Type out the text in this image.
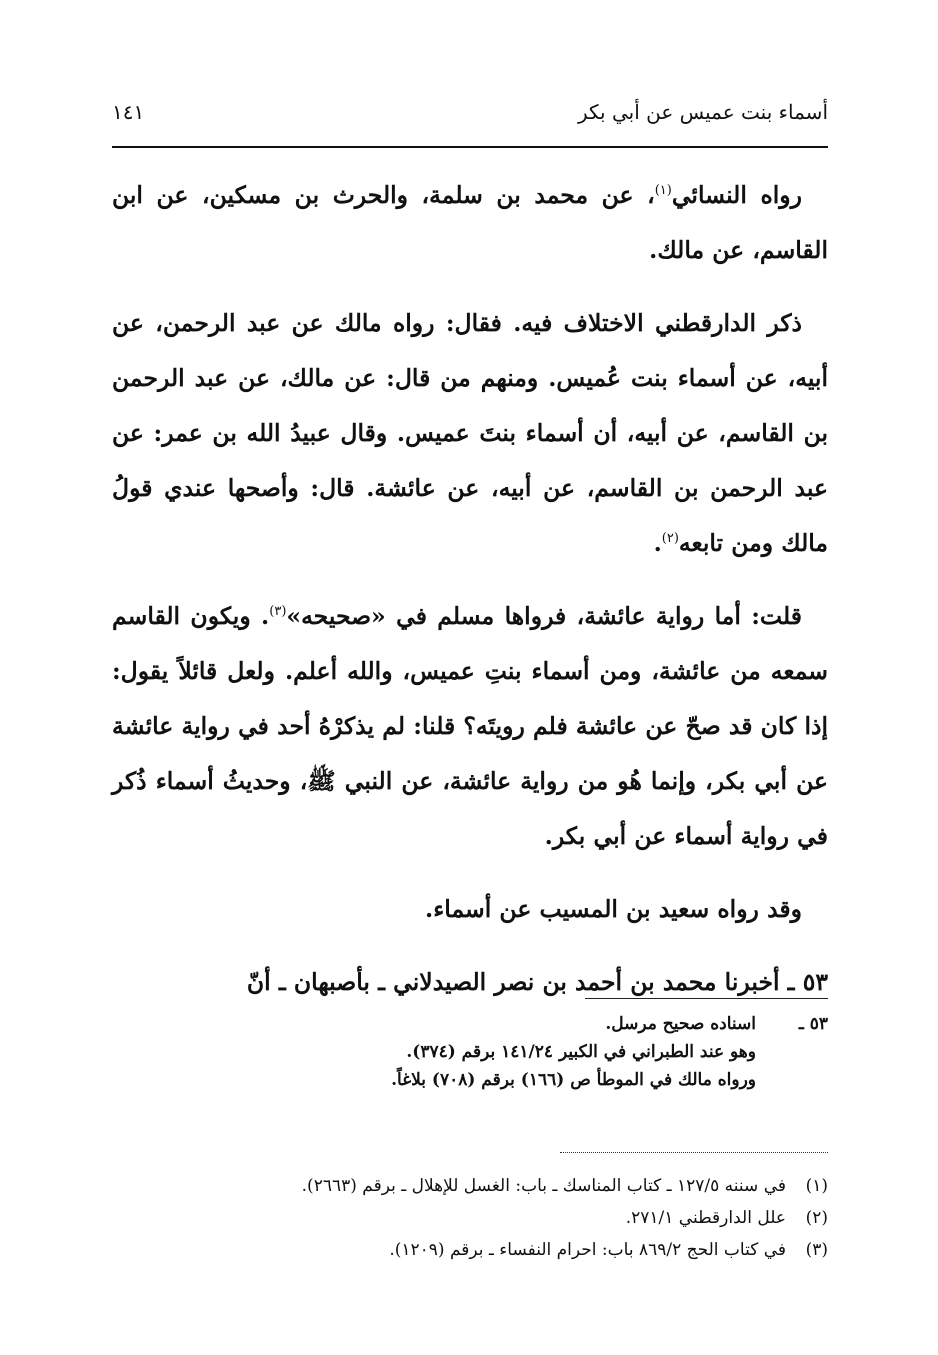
أسماء بنت عميس عن أبي بكر
١٤١

رواه النسائي$^{(١)}$، عن محمد بن سلمة، والحرث بن مسكين، عن ابن القاسم، عن مالك.

ذكر الدارقطني الاختلاف فيه. فقال: رواه مالك عن عبد الرحمن، عن أبيه، عن أسماء بنت عُميس. ومنهم من قال: عن مالك، عن عبد الرحمن بن القاسم، عن أبيه، أن أسماء بنتَ عميس. وقال عبيدُ الله بن عمر: عن عبد الرحمن بن القاسم، عن أبيه، عن عائشة. قال: وأصحها عندي قولُ مالك ومن تابعه$^{(٢)}$.

قلت: أما رواية عائشة، فرواها مسلم في «صحيحه»$^{(٣)}$. ويكون القاسم سمعه من عائشة، ومن أسماء بنتِ عميس، والله أعلم. ولعل قائلاً يقول: إذا كان قد صحّ عن عائشة فلم رويتَه؟ قلنا: لم يذكرْهُ أحد في رواية عائشة عن أبي بكر، وإنما هُو من رواية عائشة، عن النبي ﷺ، وحديثُ أسماء ذُكر في رواية أسماء عن أبي بكر.

وقد رواه سعيد بن المسيب عن أسماء.

٥٣ ـ أخبرنا محمد بن أحمد بن نصر الصيدلاني ـ بأصبهان ـ أنّ

٥٣ ـ
اسناده صحيح مرسل.
وهو عند الطبراني في الكبير ١٤١/٢٤ برقم (٣٧٤).
ورواه مالك في الموطأ ص (١٦٦) برقم (٧٠٨) بلاغاً.
(١)
في سننه ١٢٧/٥ ـ كتاب المناسك ـ باب: الغسل للإهلال ـ برقم (٢٦٦٣).
(٢)
علل الدارقطني ٢٧١/١.
(٣)
في كتاب الحج ٨٦٩/٢ باب: احرام النفساء ـ برقم (١٢٠٩).
